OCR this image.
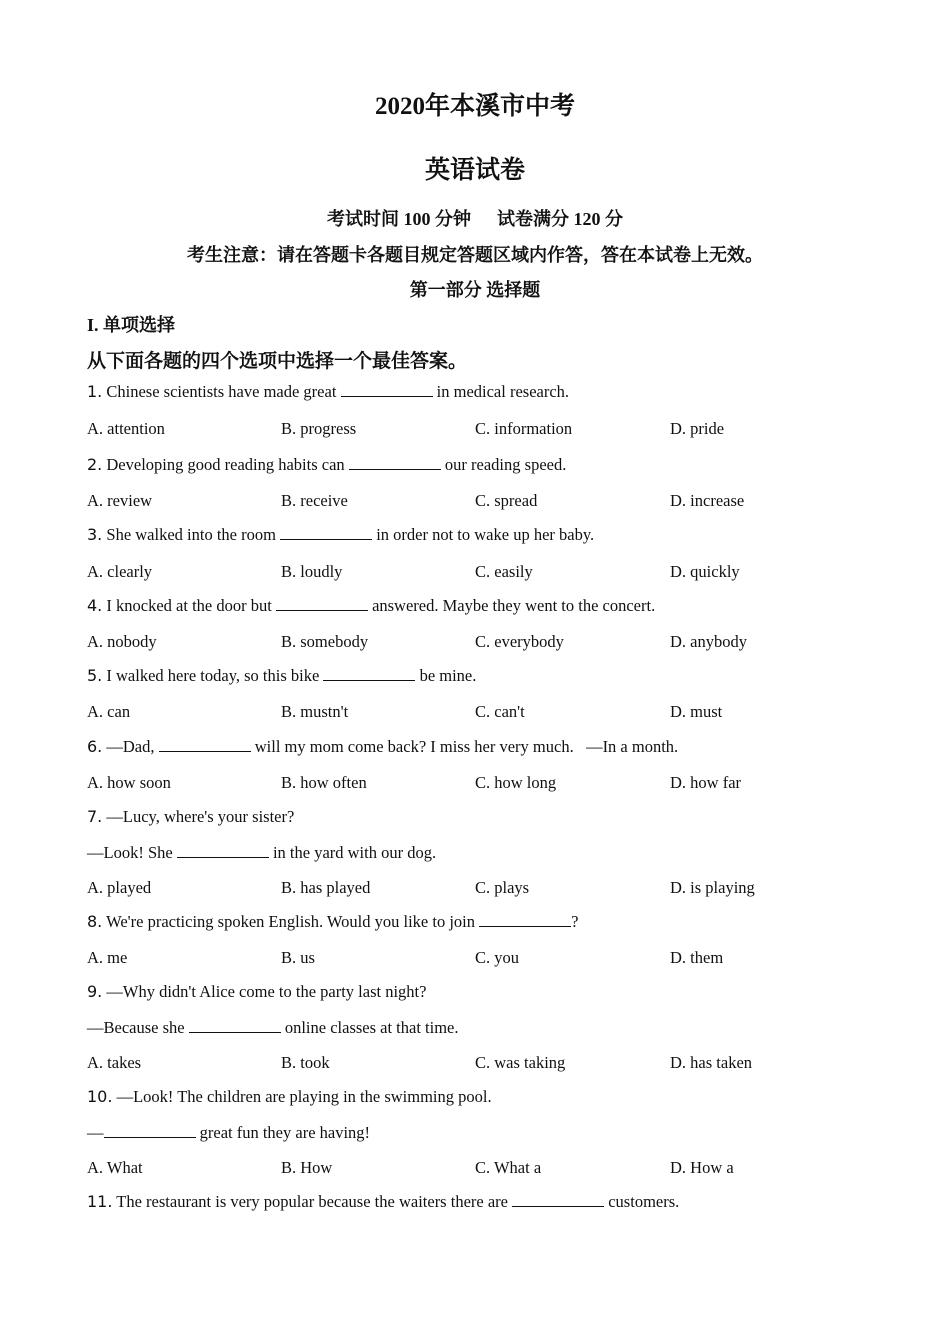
2020年本溪市中考
英语试卷
考试时间 100 分钟 试卷满分 120 分
考生注意：请在答题卡各题目规定答题区域内作答，答在本试卷上无效。
第一部分 选择题
I. 单项选择
从下面各题的四个选项中选择一个最佳答案。
1. Chinese scientists have made great	in medical research.
A. attention	B. progress	C. information	D. pride
2. Developing good reading habits can	our reading speed.
A. review	B. receive	C. spread	D. increase
3. She walked into the room	in order not to wake up her baby.
A. clearly	B. loudly	C. easily	D. quickly
4. I knocked at the door but	answered. Maybe they went to the concert.
A. nobody	B. somebody	C. everybody	D. anybody
5. I walked here today, so this bike	be mine.
A. can	B. mustn't	C. can't	D. must
6. —Dad,	will my mom come back? I miss her very much.   —In a month.
A. how soon	B. how often	C. how long	D. how far
7. —Lucy, where's your sister?
—Look! She	in the yard with our dog.
A. played	B. has played	C. plays	D. is playing
8. We're practicing spoken English. Would you like to join	?
A. me	B. us	C. you	D. them
9. —Why didn't Alice come to the party last night?
—Because she	online classes at that time.
A. takes	B. took	C. was taking	D. has taken
10. —Look! The children are playing in the swimming pool.
—	great fun they are having!
A. What	B. How	C. What a	D. How a
11. The restaurant is very popular because the waiters there are	customers.
